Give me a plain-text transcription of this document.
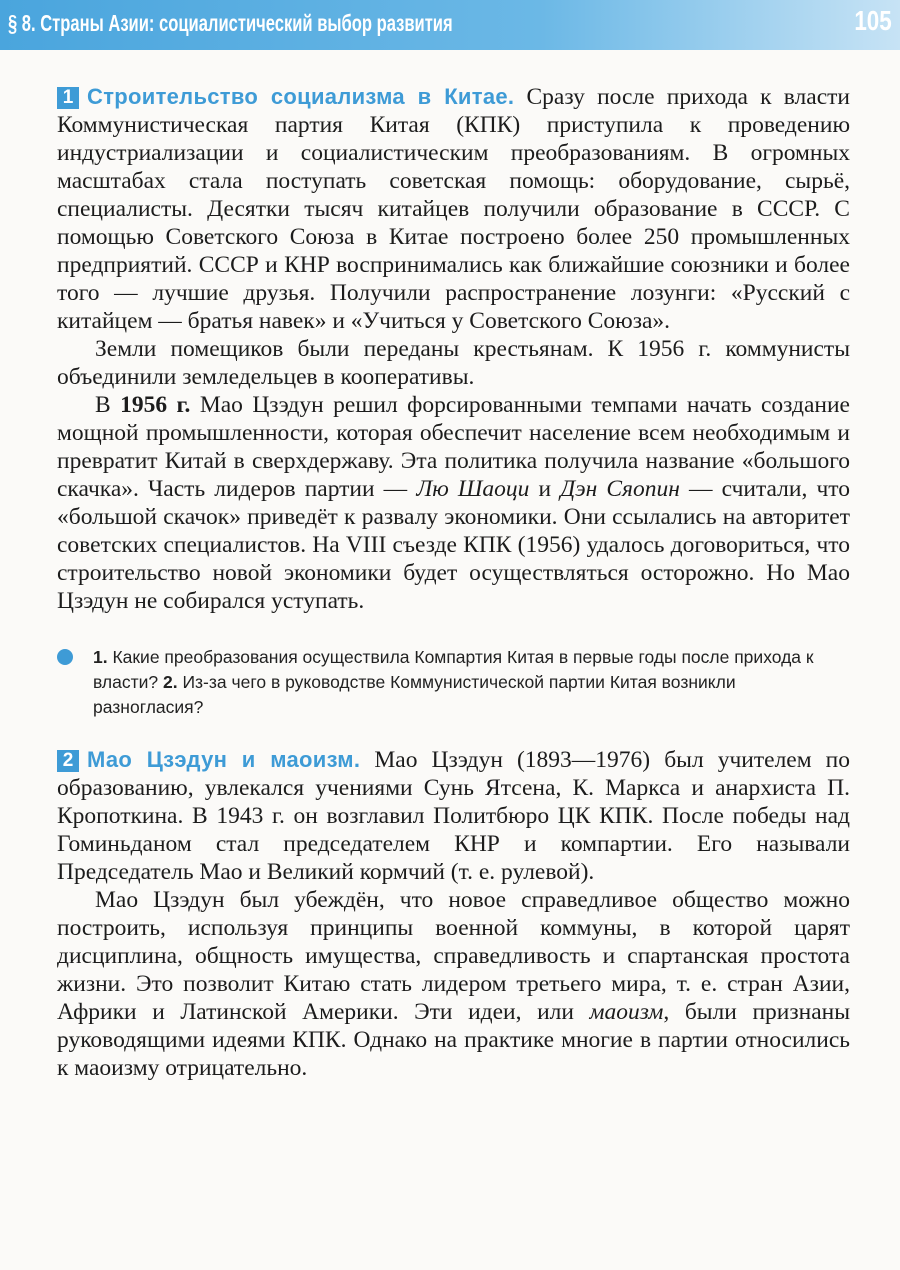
§ 8. Страны Азии: социалистический выбор развития	105

1 Строительство социализма в Китае. Сразу после прихода к власти Коммунистическая партия Китая (КПК) приступила к проведению индустриализации и социалистическим преобразованиям. В огромных масштабах стала поступать советская помощь: оборудование, сырьё, специалисты. Десятки тысяч китайцев получили образование в СССР. С помощью Советского Союза в Китае построено более 250 промышленных предприятий. СССР и КНР воспринимались как ближайшие союзники и более того — лучшие друзья. Получили распространение лозунги: «Русский с китайцем — братья навек» и «Учиться у Советского Союза».

Земли помещиков были переданы крестьянам. К 1956 г. коммунисты объединили земледельцев в кооперативы.

В 1956 г. Мао Цзэдун решил форсированными темпами начать создание мощной промышленности, которая обеспечит население всем необходимым и превратит Китай в сверхдержаву. Эта политика получила название «большого скачка». Часть лидеров партии — Лю Шаоци и Дэн Сяопин — считали, что «большой скачок» приведёт к развалу экономики. Они ссылались на авторитет советских специалистов. На VIII съезде КПК (1956) удалось договориться, что строительство новой экономики будет осуществляться осторожно. Но Мао Цзэдун не собирался уступать.

1. Какие преобразования осуществила Компартия Китая в первые годы после прихода к власти? 2. Из-за чего в руководстве Коммунистической партии Китая возникли разногласия?

2 Мао Цзэдун и маоизм. Мао Цзэдун (1893—1976) был учителем по образованию, увлекался учениями Сунь Ятсена, К. Маркса и анархиста П. Кропоткина. В 1943 г. он возглавил Политбюро ЦК КПК. После победы над Гоминьданом стал председателем КНР и компартии. Его называли Председатель Мао и Великий кормчий (т. е. рулевой).

Мао Цзэдун был убеждён, что новое справедливое общество можно построить, используя принципы военной коммуны, в которой царят дисциплина, общность имущества, справедливость и спартанская простота жизни. Это позволит Китаю стать лидером третьего мира, т. е. стран Азии, Африки и Латинской Америки. Эти идеи, или маоизм, были признаны руководящими идеями КПК. Однако на практике многие в партии относились к маоизму отрицательно.
